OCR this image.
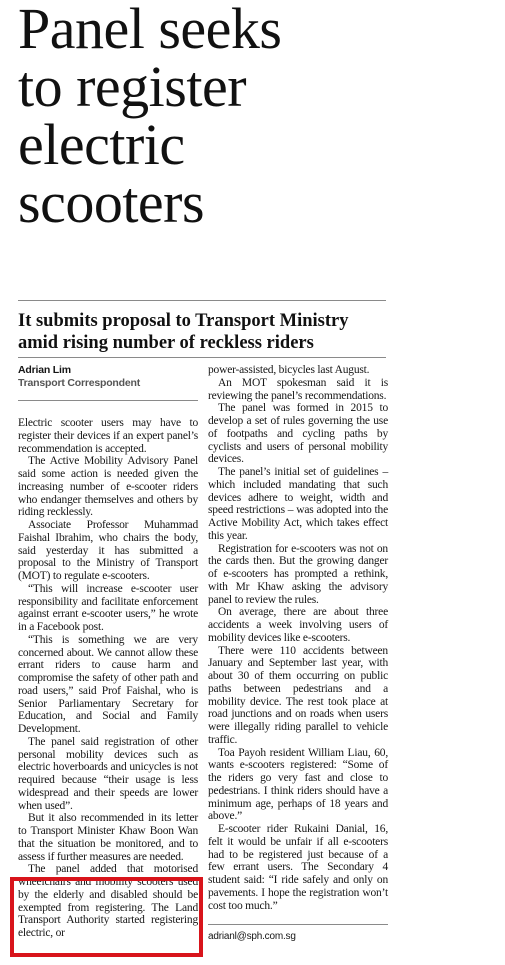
Panel seeks
to register
electric
scooters
It submits proposal to Transport Ministry
amid rising number of reckless riders

Adrian Lim

Transport Correspondent

Electric scooter users may have to register their devices if an expert panel’s recommendation is accepted.

The Active Mobility Advisory Panel said some action is needed given the increasing number of e-scooter riders who endanger themselves and others by riding recklessly.

Associate Professor Muhammad Faishal Ibrahim, who chairs the body, said yesterday it has submitted a proposal to the Ministry of Transport (MOT) to regulate e-scooters.

“This will increase e-scooter user responsibility and facilitate enforcement against errant e-scooter users,” he wrote in a Facebook post.

“This is something we are very concerned about. We cannot allow these errant riders to cause harm and compromise the safety of other path and road users,” said Prof Faishal, who is Senior Parliamentary Secretary for Education, and Social and Family Development.

The panel said registration of other personal mobility devices such as electric hoverboards and unicycles is not required because “their usage is less widespread and their speeds are lower when used”.

But it also recommended in its letter to Transport Minister Khaw Boon Wan that the situation be monitored, and to assess if further measures are needed.

The panel added that motorised wheelchairs and mobility scooters used by the elderly and disabled should be exempted from registering. The Land Transport Authority started registering electric, or

power-assisted, bicycles last August.

An MOT spokesman said it is reviewing the panel’s recommendations.

The panel was formed in 2015 to develop a set of rules governing the use of footpaths and cycling paths by cyclists and users of personal mobility devices.

The panel’s initial set of guidelines – which included mandating that such devices adhere to weight, width and speed restrictions – was adopted into the Active Mobility Act, which takes effect this year.

Registration for e-scooters was not on the cards then. But the growing danger of e-scooters has prompted a rethink, with Mr Khaw asking the advisory panel to review the rules.

On average, there are about three accidents a week involving users of mobility devices like e-scooters.

There were 110 accidents between January and September last year, with about 30 of them occurring on public paths between pedestrians and a mobility device. The rest took place at road junctions and on roads when users were illegally riding parallel to vehicle traffic.

Toa Payoh resident William Liau, 60, wants e-scooters registered: “Some of the riders go very fast and close to pedestrians. I think riders should have a minimum age, perhaps of 18 years and above.”

E-scooter rider Rukaini Danial, 16, felt it would be unfair if all e-scooters had to be registered just because of a few errant users. The Secondary 4 student said: “I ride safely and only on pavements. I hope the registration won’t cost too much.”

adrianl@sph.com.sg
